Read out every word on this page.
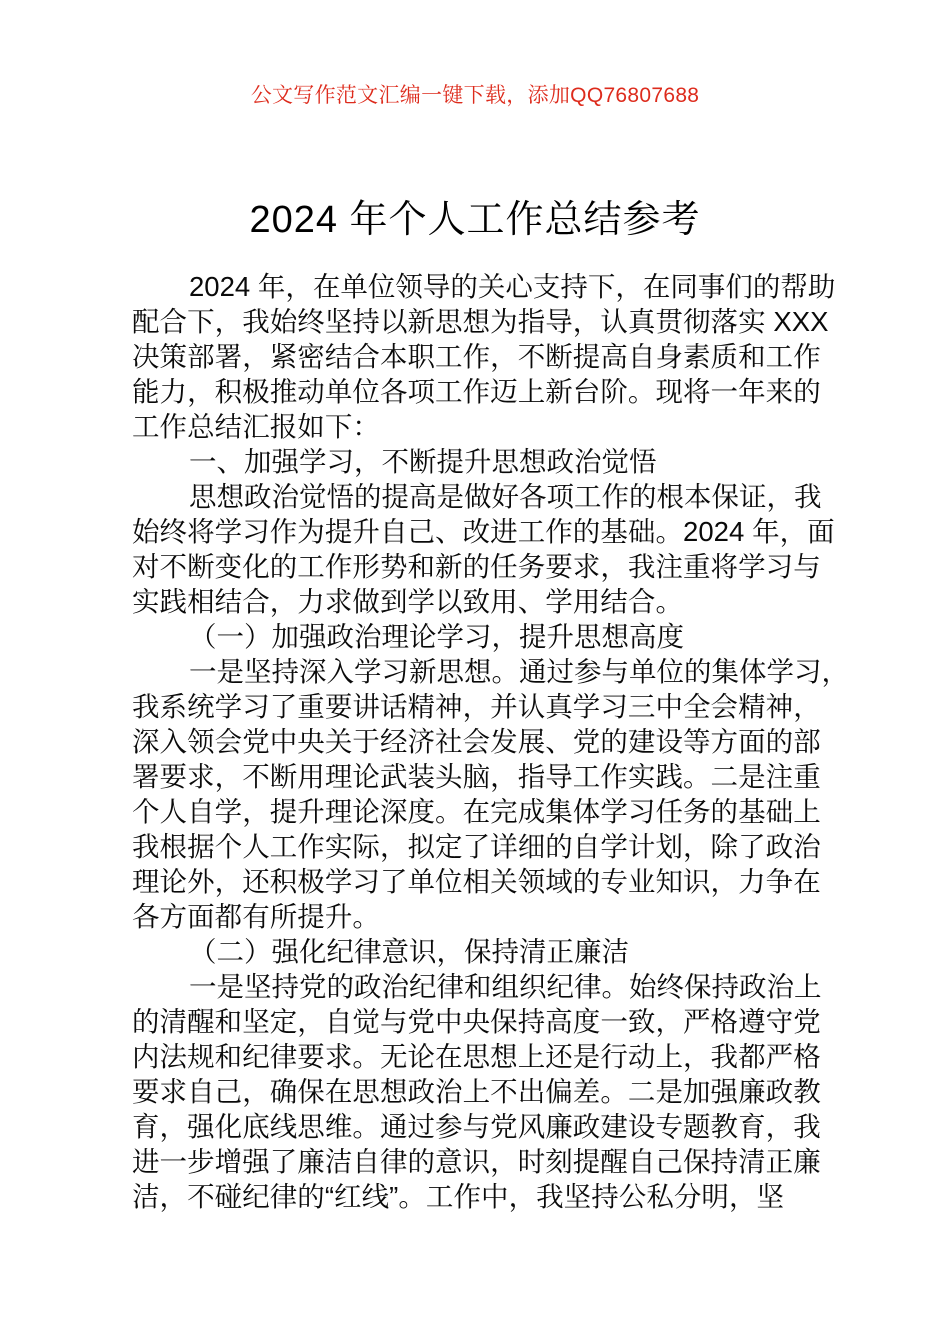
公文写作范文汇编一键下载，添加QQ76807688
2024 年个人工作总结参考
2024 年，在单位领导的关心支持下，在同事们的帮助
配合下，我始终坚持以新思想为指导，认真贯彻落实 XXX
决策部署，紧密结合本职工作，不断提高自身素质和工作
能力，积极推动单位各项工作迈上新台阶。现将一年来的
工作总结汇报如下：
一、加强学习，不断提升思想政治觉悟
思想政治觉悟的提高是做好各项工作的根本保证，我
始终将学习作为提升自己、改进工作的基础。2024 年，面
对不断变化的工作形势和新的任务要求，我注重将学习与
实践相结合，力求做到学以致用、学用结合。
（一）加强政治理论学习，提升思想高度
一是坚持深入学习新思想。通过参与单位的集体学习，
我系统学习了重要讲话精神，并认真学习三中全会精神，
深入领会党中央关于经济社会发展、党的建设等方面的部
署要求，不断用理论武装头脑，指导工作实践。二是注重
个人自学，提升理论深度。在完成集体学习任务的基础上
我根据个人工作实际，拟定了详细的自学计划，除了政治
理论外，还积极学习了单位相关领域的专业知识，力争在
各方面都有所提升。
（二）强化纪律意识，保持清正廉洁
一是坚持党的政治纪律和组织纪律。始终保持政治上
的清醒和坚定，自觉与党中央保持高度一致，严格遵守党
内法规和纪律要求。无论在思想上还是行动上，我都严格
要求自己，确保在思想政治上不出偏差。二是加强廉政教
育，强化底线思维。通过参与党风廉政建设专题教育，我
进一步增强了廉洁自律的意识，时刻提醒自己保持清正廉
洁，不碰纪律的“红线”。工作中，我坚持公私分明，坚
